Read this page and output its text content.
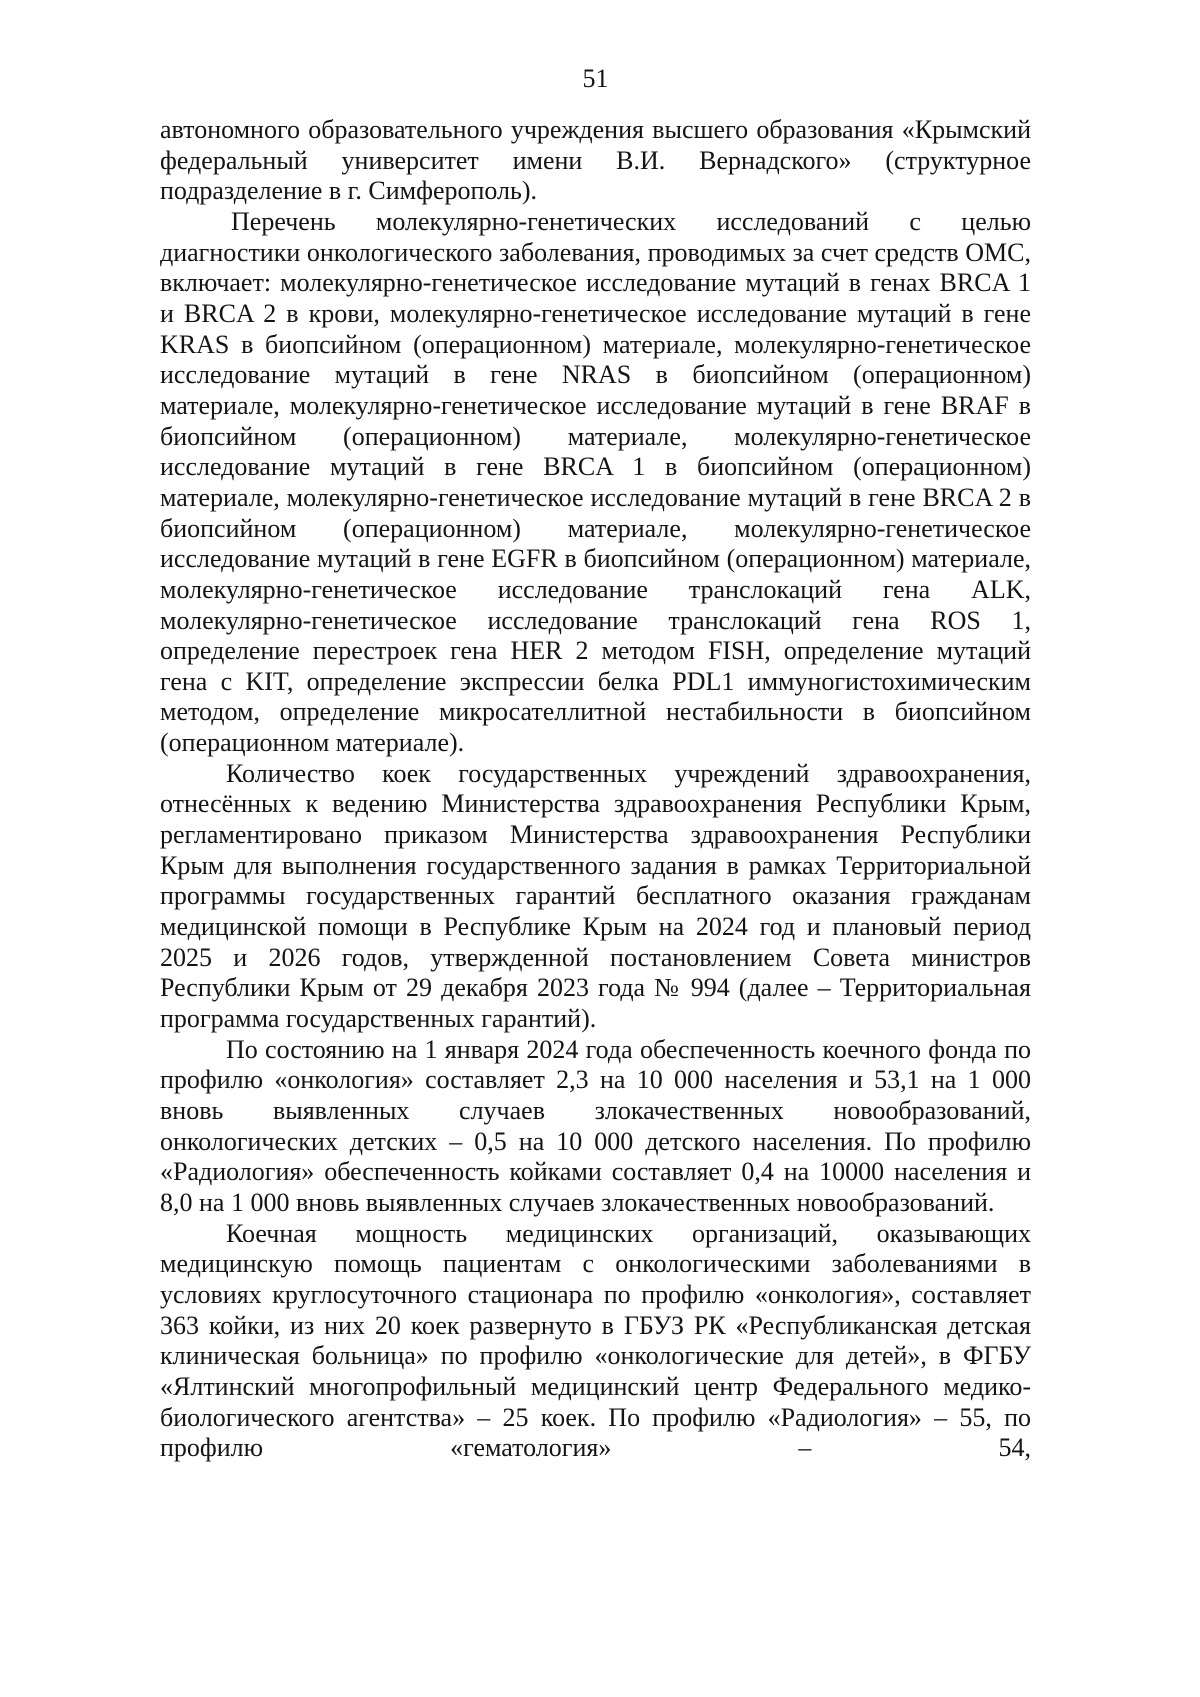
51

автономного образовательного учреждения высшего образования «Крымский федеральный университет имени В.И. Вернадского» (структурное подразделение в г. Симферополь).

Перечень молекулярно-генетических исследований с целью диагностики онкологического заболевания, проводимых за счет средств ОМС, включает: молекулярно-генетическое исследование мутаций в генах BRCA 1 и BRCA 2 в крови, молекулярно-генетическое исследование мутаций в гене KRAS в биопсийном (операционном) материале, молекулярно-генетическое исследование мутаций в гене NRAS в биопсийном (операционном) материале, молекулярно-генетическое исследование мутаций в гене BRAF в биопсийном (операционном) материале, молекулярно-генетическое исследование мутаций в гене BRCA 1 в биопсийном (операционном) материале, молекулярно-генетическое исследование мутаций в гене BRCA 2 в биопсийном (операционном) материале, молекулярно-генетическое исследование мутаций в гене EGFR в биопсийном (операционном) материале, молекулярно-генетическое исследование транслокаций гена ALK, молекулярно-генетическое исследование транслокаций гена ROS 1, определение перестроек гена HER 2 методом FISH, определение мутаций гена с KIT, определение экспрессии белка PDL1 иммуногистохимическим методом, определение микросателлитной нестабильности в биопсийном (операционном материале).

Количество коек государственных учреждений здравоохранения, отнесённых к ведению Министерства здравоохранения Республики Крым, регламентировано приказом Министерства здравоохранения Республики Крым для выполнения государственного задания в рамках Территориальной программы государственных гарантий бесплатного оказания гражданам медицинской помощи в Республике Крым на 2024 год и плановый период 2025 и 2026 годов, утвержденной постановлением Совета министров Республики Крым от 29 декабря 2023 года № 994 (далее – Территориальная программа государственных гарантий).

По состоянию на 1 января 2024 года обеспеченность коечного фонда по профилю «онкология» составляет 2,3 на 10 000 населения и 53,1 на 1 000 вновь выявленных случаев злокачественных новообразований, онкологических детских – 0,5 на 10 000 детского населения. По профилю «Радиология» обеспеченность койками составляет 0,4 на 10000 населения и 8,0 на 1 000 вновь выявленных случаев злокачественных новообразований.

Коечная мощность медицинских организаций, оказывающих медицинскую помощь пациентам с онкологическими заболеваниями в условиях круглосуточного стационара по профилю «онкология», составляет 363 койки, из них 20 коек развернуто в ГБУЗ РК «Республиканская детская клиническая больница» по профилю «онкологические для детей», в ФГБУ «Ялтинский многопрофильный медицинский центр Федерального медико-биологического агентства» – 25 коек. По профилю «Радиология» – 55, по профилю «гематология» – 54,
